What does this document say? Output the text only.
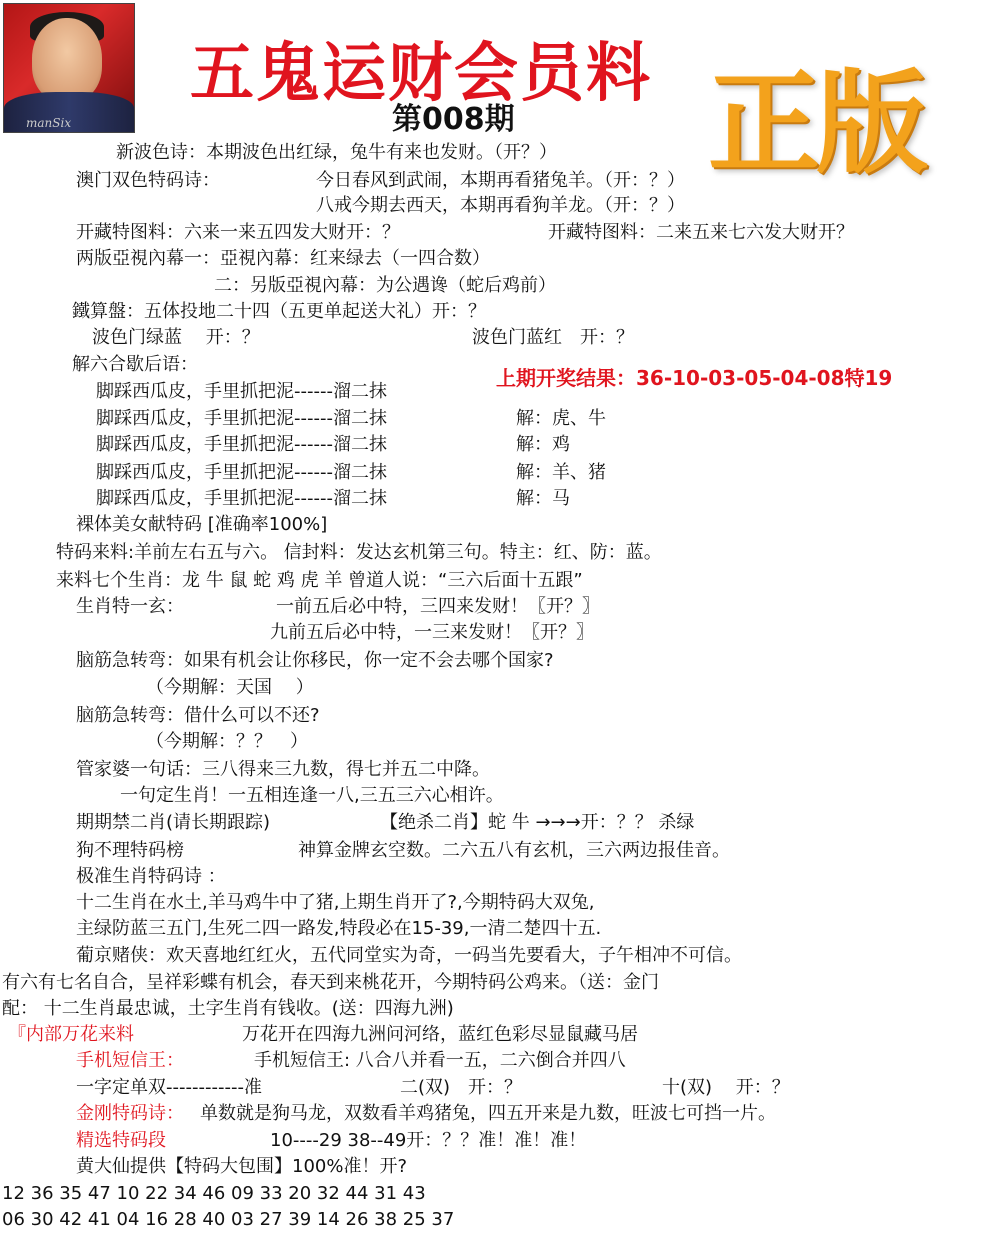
manSix
五鬼运财会员料
第008期 正版
上期开奖结果：36-10-03-05-04-08特19
新波色诗：本期波色出红绿，兔牛有来也发财。（开？）
澳门双色特码诗：	今日春风到武闹，本期再看猪兔羊。（开：？）
八戒今期去西天，本期再看狗羊龙。（开：？）
开藏特图料：六来一来五四发大财开：？	开藏特图料：二来五来七六发大财开？
两版亞視內幕一：亞視內幕：红来绿去（一四合数）
二：另版亞視內幕：为公遇谗（蛇后鸡前）
鐵算盤：五体投地二十四（五更单起送大礼）开：？
波色门绿蓝　 开：？	波色门蓝红　开：？
解六合歇后语：
脚踩西瓜皮，手里抓把泥------溜二抹
脚踩西瓜皮，手里抓把泥------溜二抹	解：虎、牛
脚踩西瓜皮，手里抓把泥------溜二抹	解：鸡
脚踩西瓜皮，手里抓把泥------溜二抹	解：羊、猪
脚踩西瓜皮，手里抓把泥------溜二抹	解：马
裸体美女献特码 [准确率100%]
特码来料:羊前左右五与六。 信封料：发达玄机第三句。特主：红、防：蓝。
来料七个生肖：龙 牛 鼠 蛇 鸡 虎 羊 曾道人说：“三六后面十五跟”
生肖特一玄：	一前五后必中特，三四来发财！〖开？〗
九前五后必中特，一三来发财！〖开？〗
脑筋急转弯：如果有机会让你移民，你一定不会去哪个国家?
（今期解：天国　 ）
脑筋急转弯：借什么可以不还?
（今期解：？？　）
管家婆一句话：三八得来三九数，得七并五二中降。
一句定生肖！一五相连逢一八,三五三六心相许。
期期禁二肖(请长期跟踪)	【绝杀二肖】蛇 牛 →→→开：？？ 杀绿
狗不理特码榜	神算金牌玄空数。二六五八有玄机，三六两边报佳音。
极准生肖特码诗 ：
十二生肖在水土,羊马鸡牛中了猪,上期生肖开了?,今期特码大双兔,
主绿防蓝三五门,生死二四一路发,特段必在15-39,一清二楚四十五.
葡京赌侠：欢天喜地红红火，五代同堂实为奇，一码当先要看大，子午相冲不可信。
有六有七名自合，呈祥彩蝶有机会，春天到来桃花开，今期特码公鸡来。（送：金门
配： 十二生肖最忠诚，土字生肖有钱收。(送：四海九洲)
『内部万花来料	万花开在四海九洲问河络，蓝红色彩尽显鼠藏马居
手机短信王：	手机短信王: 八合八并看一五，二六倒合并四八
一字定单双------------准	二(双)　开：？	十(双)　 开：？
金刚特码诗： 单数就是狗马龙，双数看羊鸡猪兔，四五开来是九数，旺波七可挡一片。
精选特码段	10----29 38--49开：？？准！准！准！
黄大仙提供【特码大包围】100%准！开?
12 36 35 47 10 22 34 46 09 33 20 32 44 31 43
06 30 42 41 04 16 28 40 03 27 39 14 26 38 25 37
